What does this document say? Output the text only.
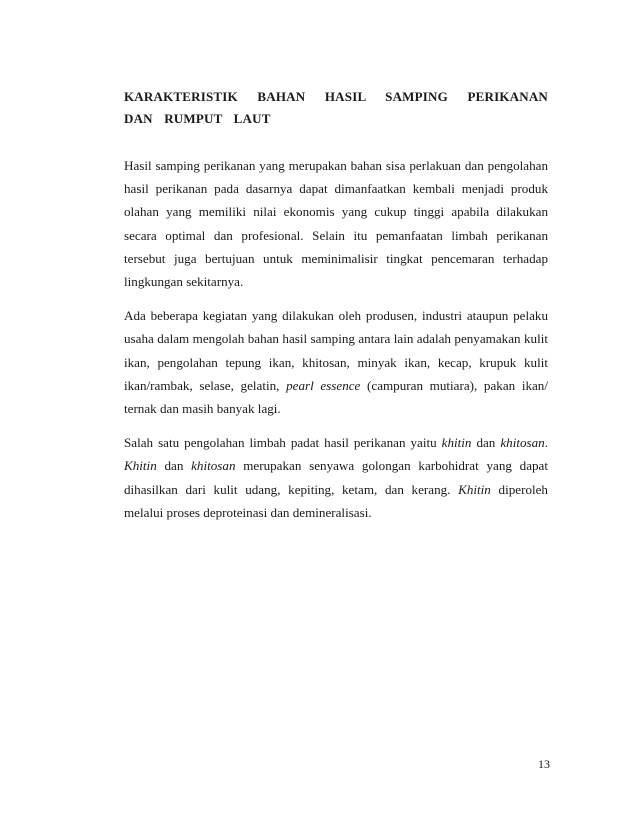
KARAKTERISTIK BAHAN HASIL SAMPING PERIKANAN DAN RUMPUT LAUT

Hasil samping perikanan yang merupakan bahan sisa perlakuan dan pengolahan hasil perikanan pada dasarnya dapat dimanfaatkan kembali menjadi produk olahan yang memiliki nilai ekonomis yang cukup tinggi apabila dilakukan secara optimal dan profesional. Selain itu pemanfaatan limbah perikanan tersebut juga bertujuan untuk meminimalisir tingkat pencemaran terhadap lingkungan sekitarnya.

Ada beberapa kegiatan yang dilakukan oleh produsen, industri ataupun pelaku usaha dalam mengolah bahan hasil samping antara lain adalah penyamakan kulit ikan, pengolahan tepung ikan, khitosan, minyak ikan, kecap, krupuk kulit ikan/rambak, selase, gelatin, pearl essence (campuran mutiara), pakan ikan/ ternak dan masih banyak lagi.

Salah satu pengolahan limbah padat hasil perikanan yaitu khitin dan khitosan. Khitin dan khitosan merupakan senyawa golongan karbohidrat yang dapat dihasilkan dari kulit udang, kepiting, ketam, dan kerang. Khitin diperoleh melalui proses deproteinasi dan demineralisasi.

13
